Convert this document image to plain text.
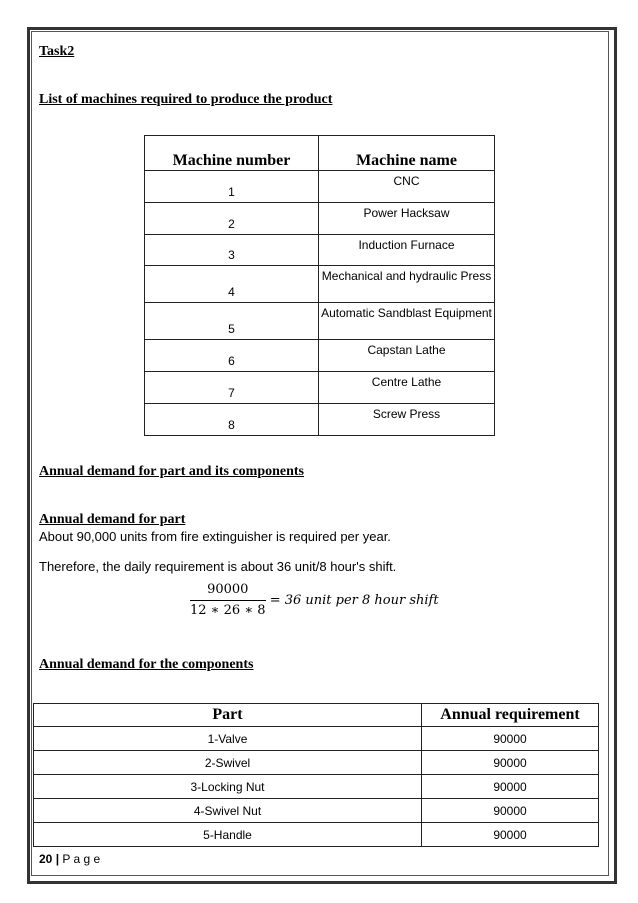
Task2
List of machines required to produce the product
Machine number	Machine name
1	CNC
2	Power Hacksaw
3	Induction Furnace
4	Mechanical and hydraulic Press
5	Automatic Sandblast Equipment
6	Capstan Lathe
7	Centre Lathe
8	Screw Press
Annual demand for part and its components
Annual demand for part
About 90,000 units from fire extinguisher is required per year.
Therefore, the daily requirement is about 36 unit/8 hour's shift.
$\frac{90000}{12 ∗ 26 ∗ 8} = 36$ unit per 8 hour shift
Annual demand for the components
Part	Annual requirement
1-Valve	90000
2-Swivel	90000
3-Locking Nut	90000
4-Swivel Nut	90000
5-Handle	90000
20 | P a g e
